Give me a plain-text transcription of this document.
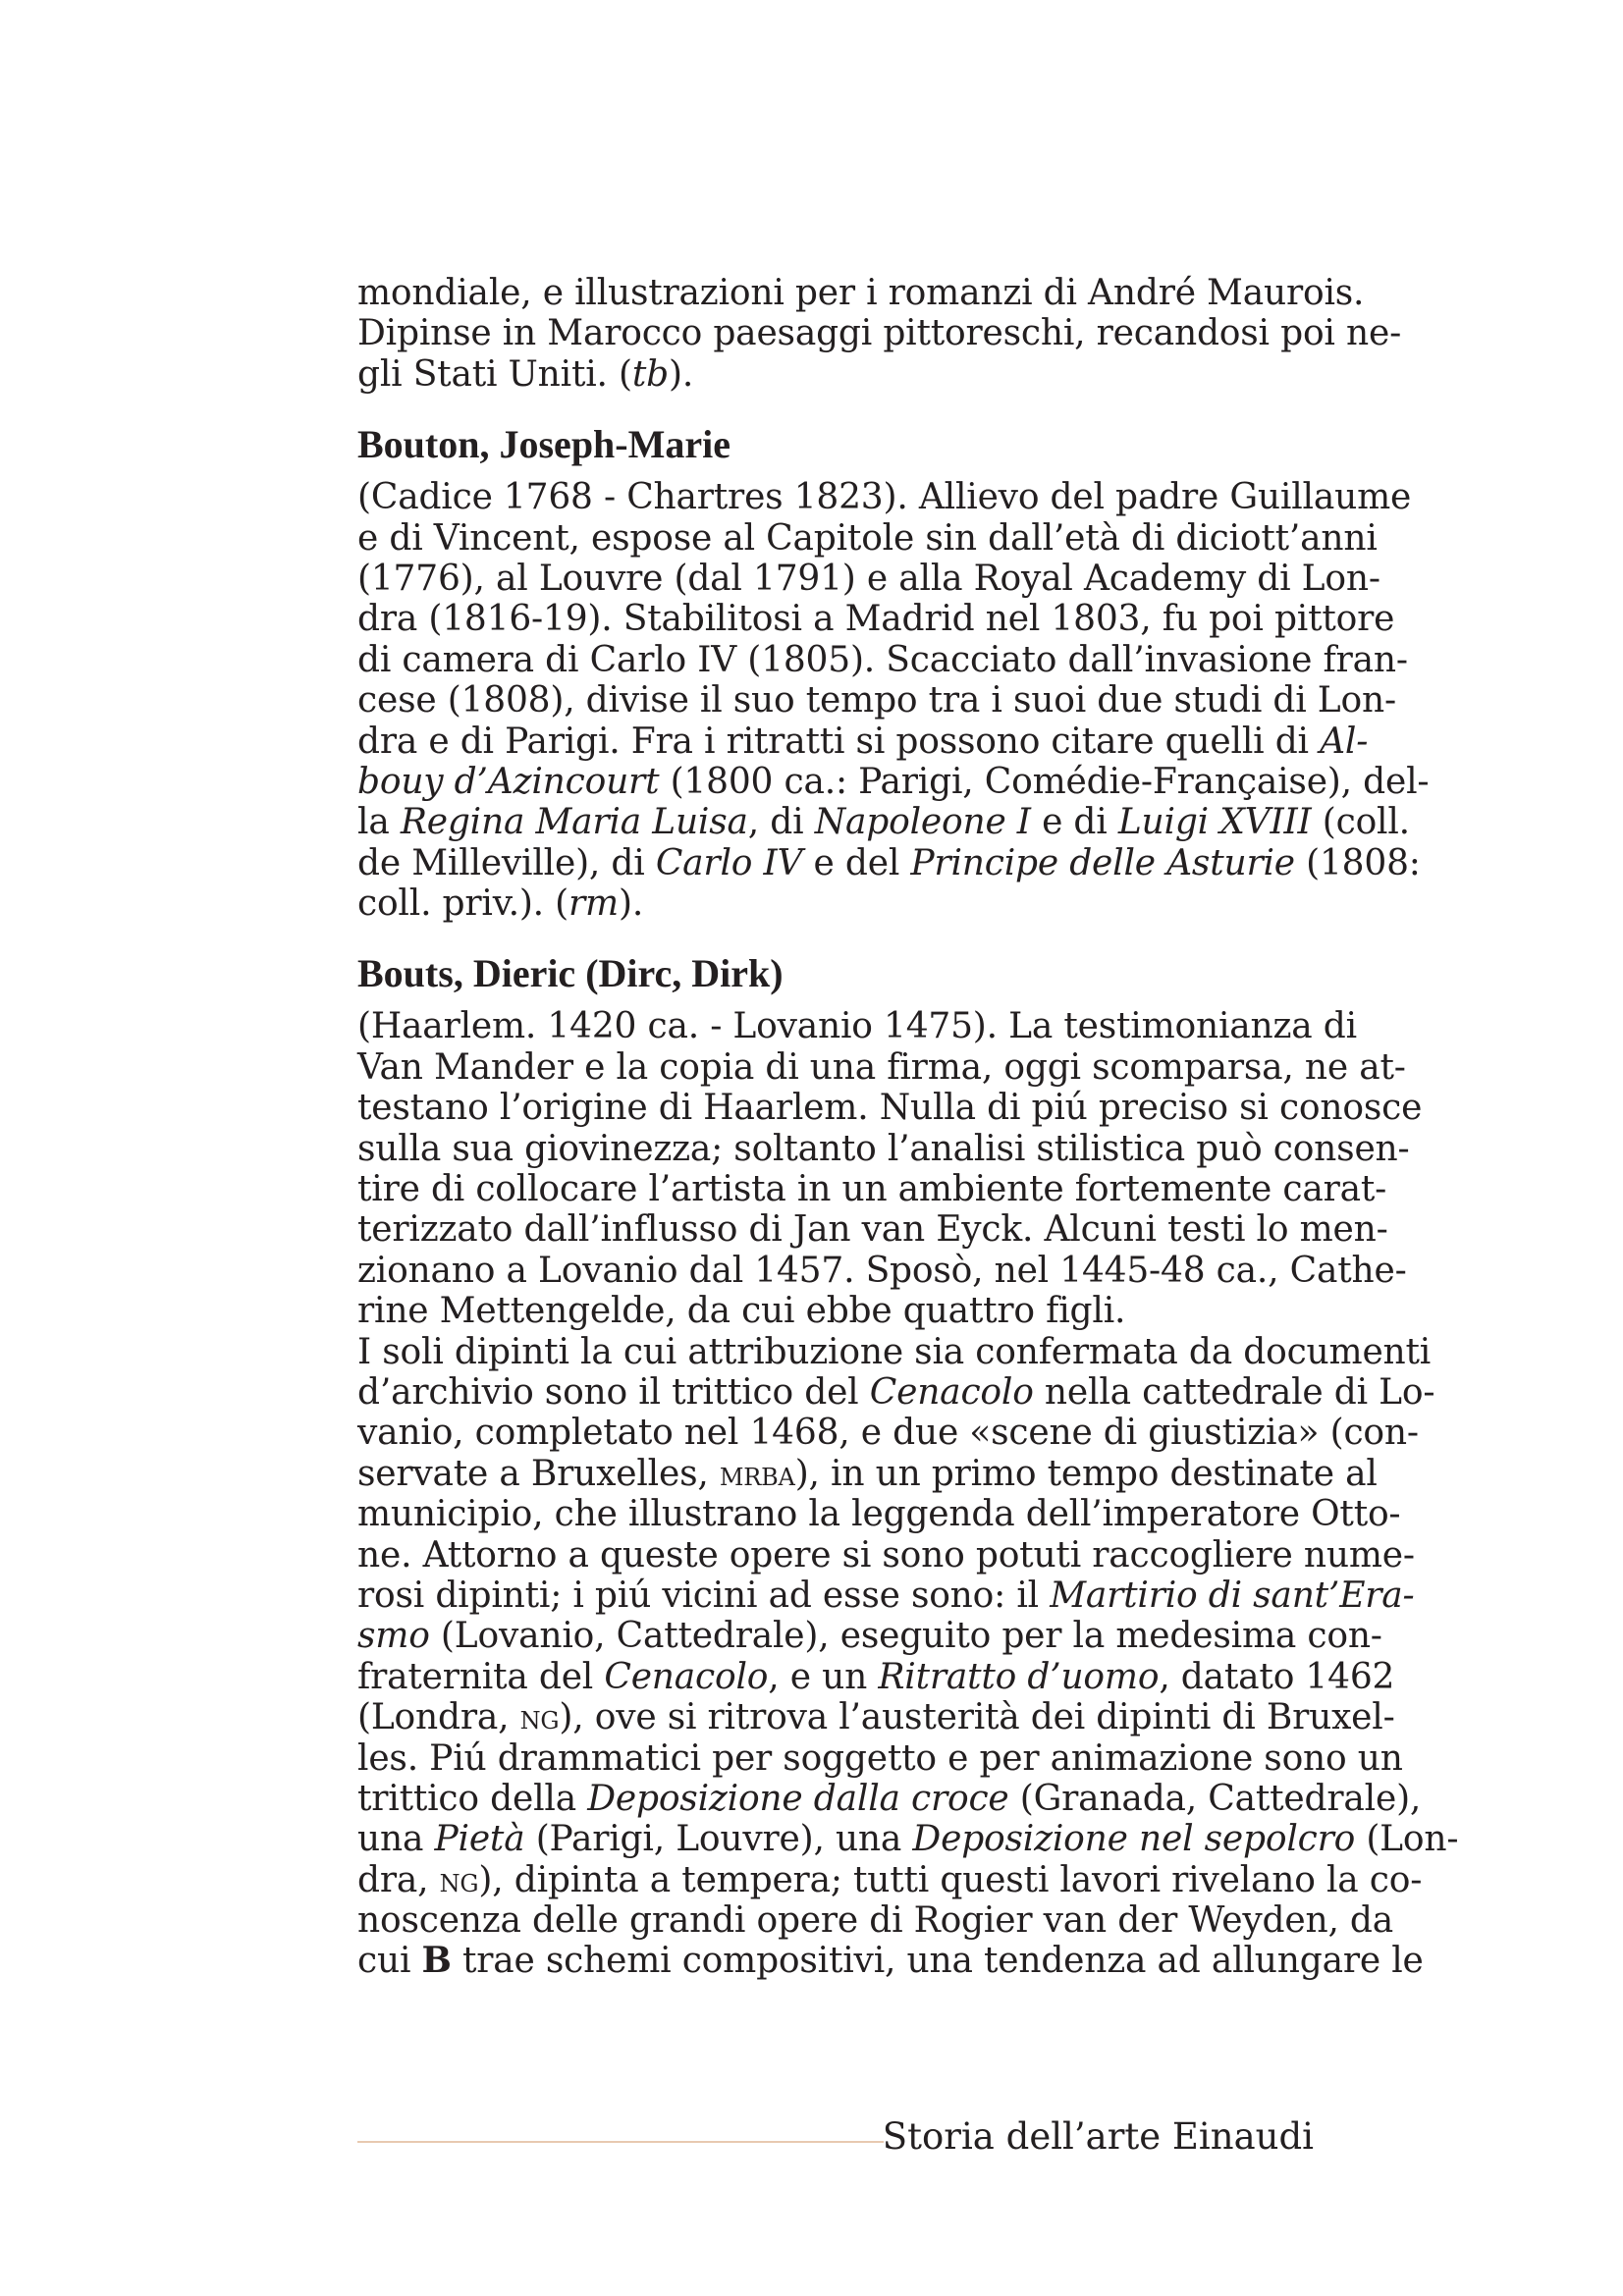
mondiale, e illustrazioni per i romanzi di André Maurois.
Dipinse in Marocco paesaggi pittoreschi, recandosi poi ne-
gli Stati Uniti. (tb).
Bouton, Joseph-Marie
(Cadice 1768 - Chartres 1823). Allievo del padre Guillaume
e di Vincent, espose al Capitole sin dall’età di diciott’anni
(1776), al Louvre (dal 1791) e alla Royal Academy di Lon-
dra (1816-19). Stabilitosi a Madrid nel 1803, fu poi pittore
di camera di Carlo IV (1805). Scacciato dall’invasione fran-
cese (1808), divise il suo tempo tra i suoi due studi di Lon-
dra e di Parigi. Fra i ritratti si possono citare quelli di Al-
bouy d’Azincourt (1800 ca.: Parigi, Comédie-Française), del-
la Regina Maria Luisa, di Napoleone I e di Luigi XVIII (coll.
de Milleville), di Carlo IV e del Principe delle Asturie (1808:
coll. priv.). (rm).
Bouts, Dieric (Dirc, Dirk)
(Haarlem. 1420 ca. - Lovanio 1475). La testimonianza di
Van Mander e la copia di una firma, oggi scomparsa, ne at-
testano l’origine di Haarlem. Nulla di piú preciso si conosce
sulla sua giovinezza; soltanto l’analisi stilistica può consen-
tire di collocare l’artista in un ambiente fortemente carat-
terizzato dall’influsso di Jan van Eyck. Alcuni testi lo men-
zionano a Lovanio dal 1457. Sposò, nel 1445-48 ca., Cathe-
rine Mettengelde, da cui ebbe quattro figli.
I soli dipinti la cui attribuzione sia confermata da documenti
d’archivio sono il trittico del Cenacolo nella cattedrale di Lo-
vanio, completato nel 1468, e due «scene di giustizia» (con-
servate a Bruxelles, mrba), in un primo tempo destinate al
municipio, che illustrano la leggenda dell’imperatore Otto-
ne. Attorno a queste opere si sono potuti raccogliere nume-
rosi dipinti; i piú vicini ad esse sono: il Martirio di sant’Era-
smo (Lovanio, Cattedrale), eseguito per la medesima con-
fraternita del Cenacolo, e un Ritratto d’uomo, datato 1462
(Londra, ng), ove si ritrova l’austerità dei dipinti di Bruxel-
les. Piú drammatici per soggetto e per animazione sono un
trittico della Deposizione dalla croce (Granada, Cattedrale),
una Pietà (Parigi, Louvre), una Deposizione nel sepolcro (Lon-
dra, ng), dipinta a tempera; tutti questi lavori rivelano la co-
noscenza delle grandi opere di Rogier van der Weyden, da
cui B trae schemi compositivi, una tendenza ad allungare le
Storia dell’arte Einaudi
